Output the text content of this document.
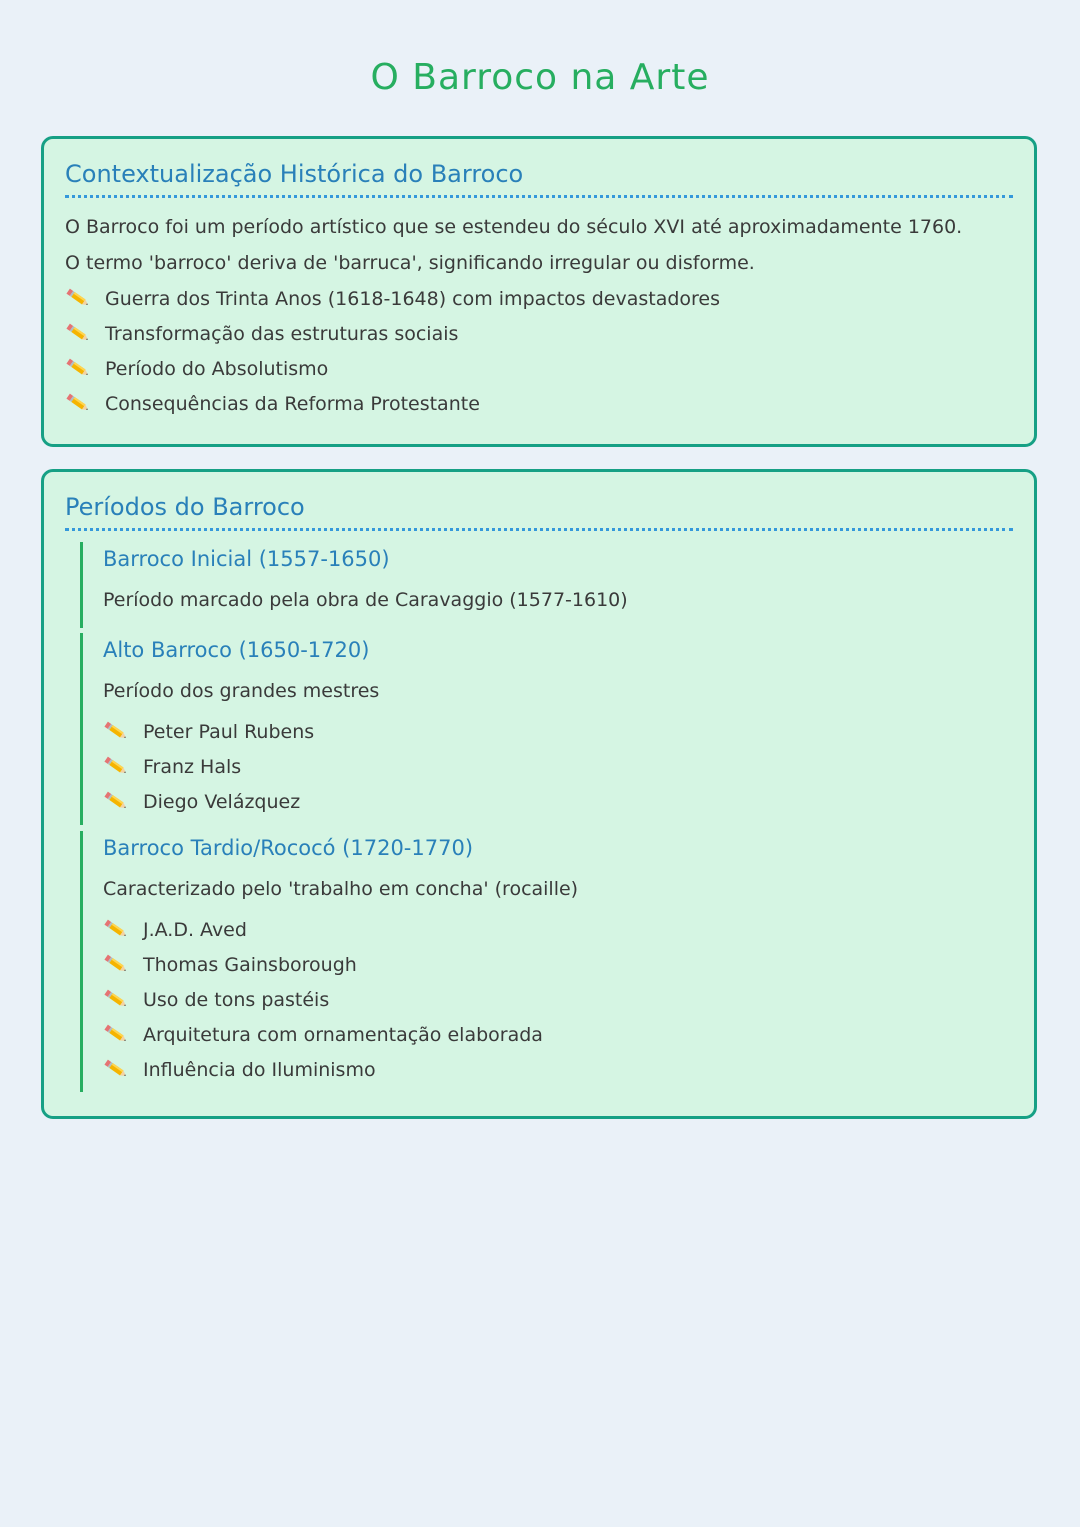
O Barroco na Arte
Contextualização Histórica do Barroco

O Barroco foi um período artístico que se estendeu do século XVI até aproximadamente 1760. O termo 'barroco' deriva de 'barruca', significando irregular ou disforme.

Guerra dos Trinta Anos (1618-1648) com impactos devastadores
Transformação das estruturas sociais
Período do Absolutismo
Consequências da Reforma Protestante
Períodos do Barroco
Barroco Inicial (1557-1650)

Período marcado pela obra de Caravaggio (1577-1610)

Alto Barroco (1650-1720)

Período dos grandes mestres

Peter Paul Rubens
Franz Hals
Diego Velázquez
Barroco Tardio/Rococó (1720-1770)

Caracterizado pelo 'trabalho em concha' (rocaille)

J.A.D. Aved
Thomas Gainsborough
Uso de tons pastéis
Arquitetura com ornamentação elaborada
Influência do Iluminismo
